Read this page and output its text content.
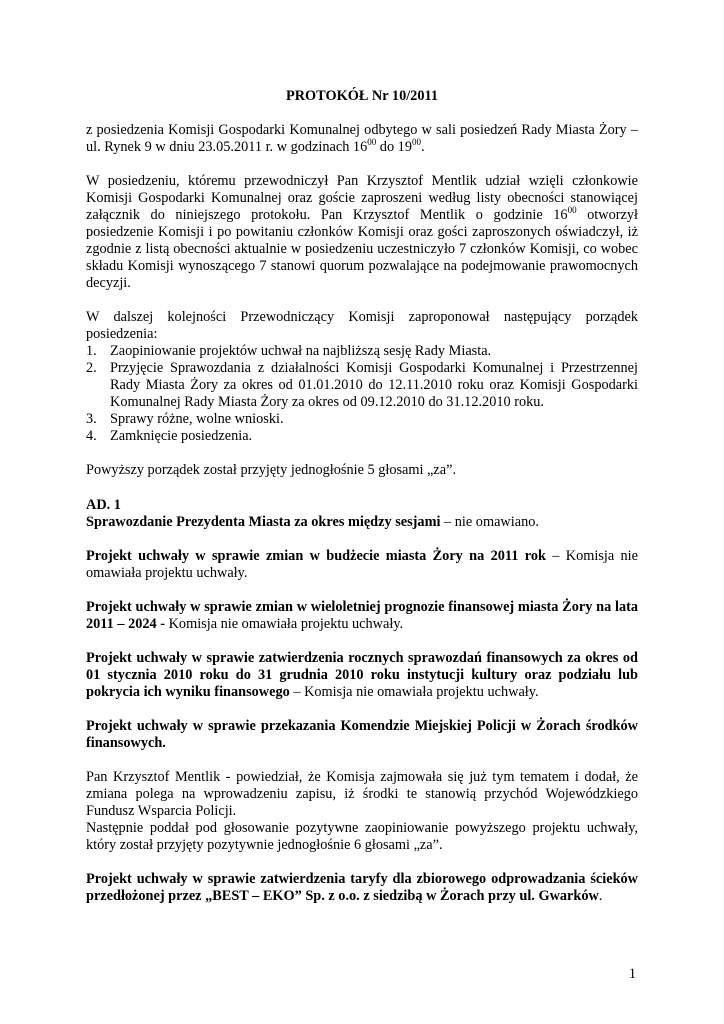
PROTOKÓŁ Nr 10/2011

z posiedzenia Komisji Gospodarki Komunalnej odbytego w sali posiedzeń Rady Miasta Żory – ul. Rynek 9 w dniu 23.05.2011 r. w godzinach $16^{00}$ do $19^{00}$.

W posiedzeniu, któremu przewodniczył Pan Krzysztof Mentlik udział wzięli członkowie Komisji Gospodarki Komunalnej oraz goście zaproszeni według listy obecności stanowiącej załącznik do niniejszego protokołu. Pan Krzysztof Mentlik o godzinie $16^{00}$ otworzył posiedzenie Komisji i po powitaniu członków Komisji oraz gości zaproszonych oświadczył, iż zgodnie z listą obecności aktualnie w posiedzeniu uczestniczyło 7 członków Komisji, co wobec składu Komisji wynoszącego 7 stanowi quorum pozwalające na podejmowanie prawomocnych decyzji.

W dalszej kolejności Przewodniczący Komisji zaproponował następujący porządek posiedzenia:

1. Zaopiniowanie projektów uchwał na najbliższą sesję Rady Miasta.
2. Przyjęcie Sprawozdania z działalności Komisji Gospodarki Komunalnej i Przestrzennej Rady Miasta Żory za okres od 01.01.2010 do 12.11.2010 roku oraz Komisji Gospodarki Komunalnej Rady Miasta Żory za okres od 09.12.2010 do 31.12.2010 roku.
3. Sprawy różne, wolne wnioski.
4. Zamknięcie posiedzenia.

Powyższy porządek został przyjęty jednogłośnie 5 głosami „za”.

AD. 1

Sprawozdanie Prezydenta Miasta za okres między sesjami – nie omawiano.

Projekt uchwały w sprawie zmian w budżecie miasta Żory na 2011 rok – Komisja nie omawiała projektu uchwały.

Projekt uchwały w sprawie zmian w wieloletniej prognozie finansowej miasta Żory na lata 2011 – 2024 - Komisja nie omawiała projektu uchwały.

Projekt uchwały w sprawie zatwierdzenia rocznych sprawozdań finansowych za okres od 01 stycznia 2010 roku do 31 grudnia 2010 roku instytucji kultury oraz podziału lub pokrycia ich wyniku finansowego – Komisja nie omawiała projektu uchwały.

Projekt uchwały w sprawie przekazania Komendzie Miejskiej Policji w Żorach środków finansowych.

Pan Krzysztof Mentlik - powiedział, że Komisja zajmowała się już tym tematem i dodał, że zmiana polega na wprowadzeniu zapisu, iż środki te stanowią przychód Wojewódzkiego Fundusz Wsparcia Policji.

Następnie poddał pod głosowanie pozytywne zaopiniowanie powyższego projektu uchwały, który został przyjęty pozytywnie jednogłośnie 6 głosami „za”.

Projekt uchwały w sprawie zatwierdzenia taryfy dla zbiorowego odprowadzania ścieków przedłożonej przez „BEST – EKO” Sp. z o.o. z siedzibą w Żorach przy ul. Gwarków.

1
